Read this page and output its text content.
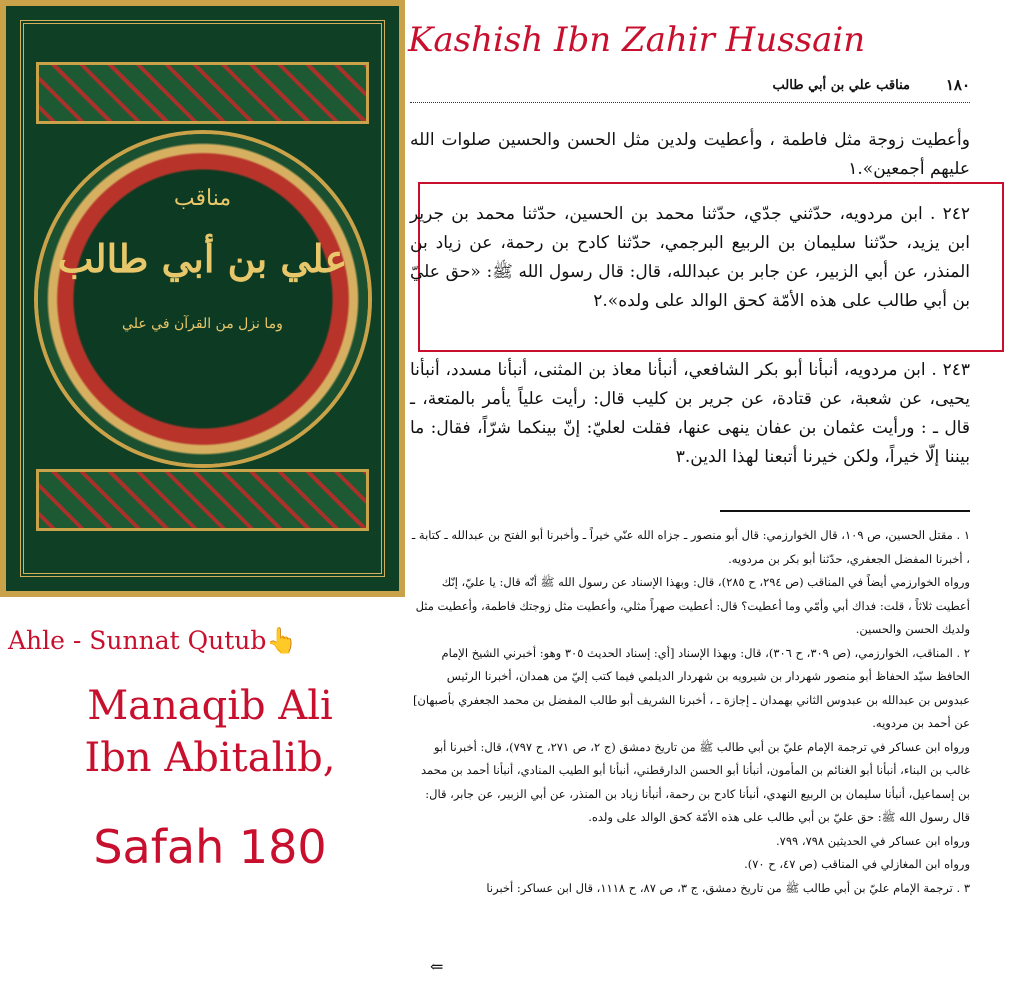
مناقب
علي بن أبي طالب
وما نزل من القرآن في علي
Ahle - Sunnat Qutub👆
Manaqib Ali
Ibn Abitalib,
Safah 180
Kashish Ibn Zahir Hussain
١٨٠
مناقب علي بن أبي طالب
وأعطيت زوجة مثل فاطمة ، وأعطيت ولدين مثل الحسن والحسين صلوات الله عليهم أجمعين».١
٢٤٢ . ابن مردويه، حدّثني جدّي، حدّثنا محمد بن الحسين، حدّثنا محمد بن جرير ابن يزيد، حدّثنا سليمان بن الربيع البرجمي، حدّثنا كادح بن رحمة، عن زياد بن المنذر، عن أبي الزبير، عن جابر بن عبدالله، قال: قال رسول الله ﷺ: «حق عليّ بن أبي طالب على هذه الأمّة كحق الوالد على ولده».٢
٢٤٣ . ابن مردويه، أنبأنا أبو بكر الشافعي، أنبأنا معاذ بن المثنى، أنبأنا مسدد، أنبأنا يحيى، عن شعبة، عن قتادة، عن جرير بن كليب قال: رأيت علياً يأمر بالمتعة، ـ قال ـ : ورأيت عثمان بن عفان ينهى عنها، فقلت لعليّ: إنّ بينكما شرّاً، فقال: ما بيننا إلّا خيراً، ولكن خيرنا أتبعنا لهذا الدين.٣

١ . مقتل الحسين، ص ١٠٩، قال الخوارزمي: قال أبو منصور ـ جزاه الله عنّي خيراً ـ وأخبرنا أبو الفتح بن عبدالله ـ كتابة ـ ، أخبرنا المفضل الجعفري، حدّثنا أبو بكر بن مردويه.

ورواه الخوارزمي أيضاً في المناقب (ص ٢٩٤، ح ٢٨٥)، قال: وبهذا الإسناد عن رسول الله ﷺ أنّه قال: يا عليّ، إنّك أعطيت ثلاثاً ، قلت: فداك أبي وأمّي وما أعطيت؟ قال: أعطيت صهراً مثلي، وأعطيت مثل زوجتك فاطمة، وأعطيت مثل ولديك الحسن والحسين.

٢ . المناقب، الخوارزمي، (ص ٣٠٩، ح ٣٠٦)، قال: وبهذا الإسناد [أي: إسناد الحديث ٣٠٥ وهو: أخبرني الشيخ الإمام الحافظ سيّد الحفاظ أبو منصور شهردار بن شيرويه بن شهردار الديلمي فيما كتب إليّ من همدان، أخبرنا الرئيس عبدوس بن عبدالله بن عبدوس الثاني بهمدان ـ إجازة ـ ، أخبرنا الشريف أبو طالب المفضل بن محمد الجعفري بأصبهان] عن أحمد بن مردويه.

ورواه ابن عساكر في ترجمة الإمام عليّ بن أبي طالب ﷺ من تاريخ دمشق (ج ٢، ص ٢٧١، ح ٧٩٧)، قال: أخبرنا أبو غالب بن البناء، أنبأنا أبو الغنائم بن المأمون، أنبأنا أبو الحسن الدارقطني، أنبأنا أبو الطيب المنادي، أنبأنا أحمد بن محمد بن إسماعيل، أنبأنا سليمان بن الربيع النهدي، أنبأنا كادح بن رحمة، أنبأنا زياد بن المنذر، عن أبي الزبير، عن جابر، قال: قال رسول الله ﷺ: حق عليّ بن أبي طالب على هذه الأمّة كحق الوالد على ولده.

ورواه ابن عساكر في الحديثين ٧٩٨، ٧٩٩.

ورواه ابن المغازلي في المناقب (ص ٤٧، ح ٧٠).

٣ . ترجمة الإمام عليّ بن أبي طالب ﷺ من تاريخ دمشق، ج ٣، ص ٨٧، ح ١١١٨، قال ابن عساكر: أخبرنا

⇐
